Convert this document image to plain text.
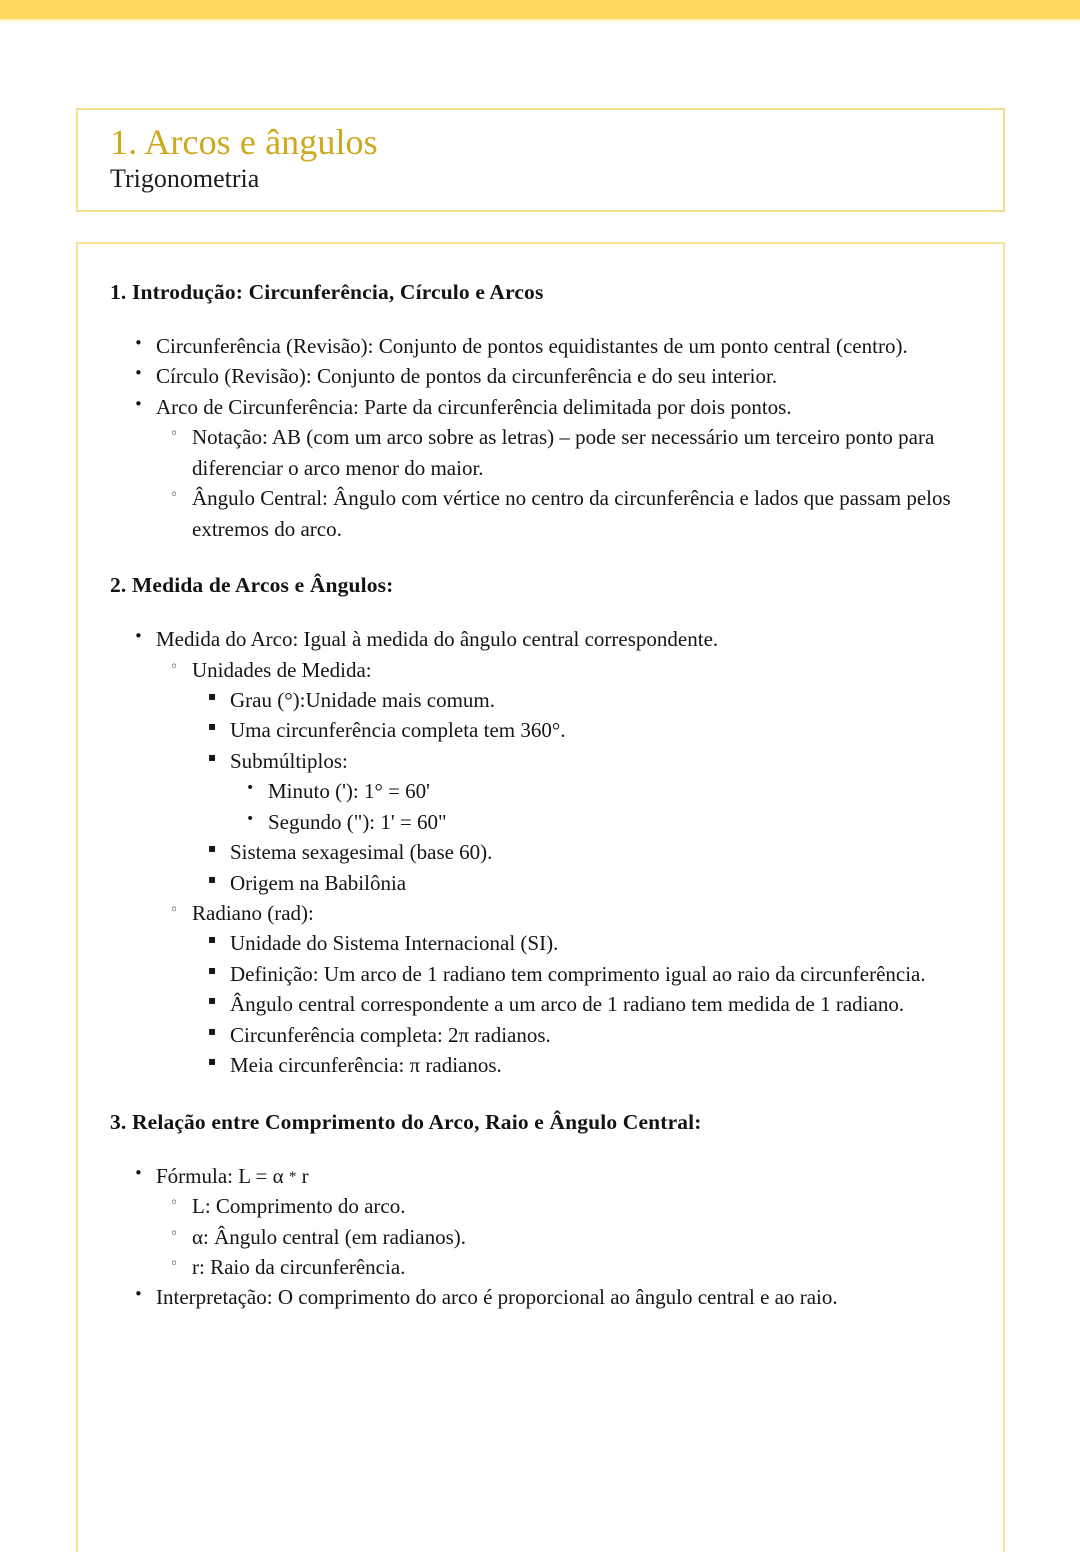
1. Arcos e ângulos
Trigonometria
1. Introdução: Circunferência, Círculo e Arcos
• Circunferência (Revisão): Conjunto de pontos equidistantes de um ponto central (centro).
• Círculo (Revisão): Conjunto de pontos da circunferência e do seu interior.
• Arco de Circunferência: Parte da circunferência delimitada por dois pontos.
◦ Notação: AB (com um arco sobre as letras) – pode ser necessário um terceiro ponto para diferenciar o arco menor do maior.
◦ Ângulo Central: Ângulo com vértice no centro da circunferência e lados que passam pelos extremos do arco.
2. Medida de Arcos e Ângulos:
• Medida do Arco: Igual à medida do ângulo central correspondente.
◦ Unidades de Medida:
▪ Grau (°):Unidade mais comum.
▪ Uma circunferência completa tem 360°.
▪ Submúltiplos:
• Minuto ('): 1° = 60'
• Segundo ("): 1' = 60"
▪ Sistema sexagesimal (base 60).
▪ Origem na Babilônia
◦ Radiano (rad):
▪ Unidade do Sistema Internacional (SI).
▪ Definição: Um arco de 1 radiano tem comprimento igual ao raio da circunferência.
▪ Ângulo central correspondente a um arco de 1 radiano tem medida de 1 radiano.
▪ Circunferência completa: 2π radianos.
▪ Meia circunferência: π radianos.
3. Relação entre Comprimento do Arco, Raio e Ângulo Central:
• Fórmula: L = α * r
◦ L: Comprimento do arco.
◦ α: Ângulo central (em radianos).
◦ r: Raio da circunferência.
• Interpretação: O comprimento do arco é proporcional ao ângulo central e ao raio.
